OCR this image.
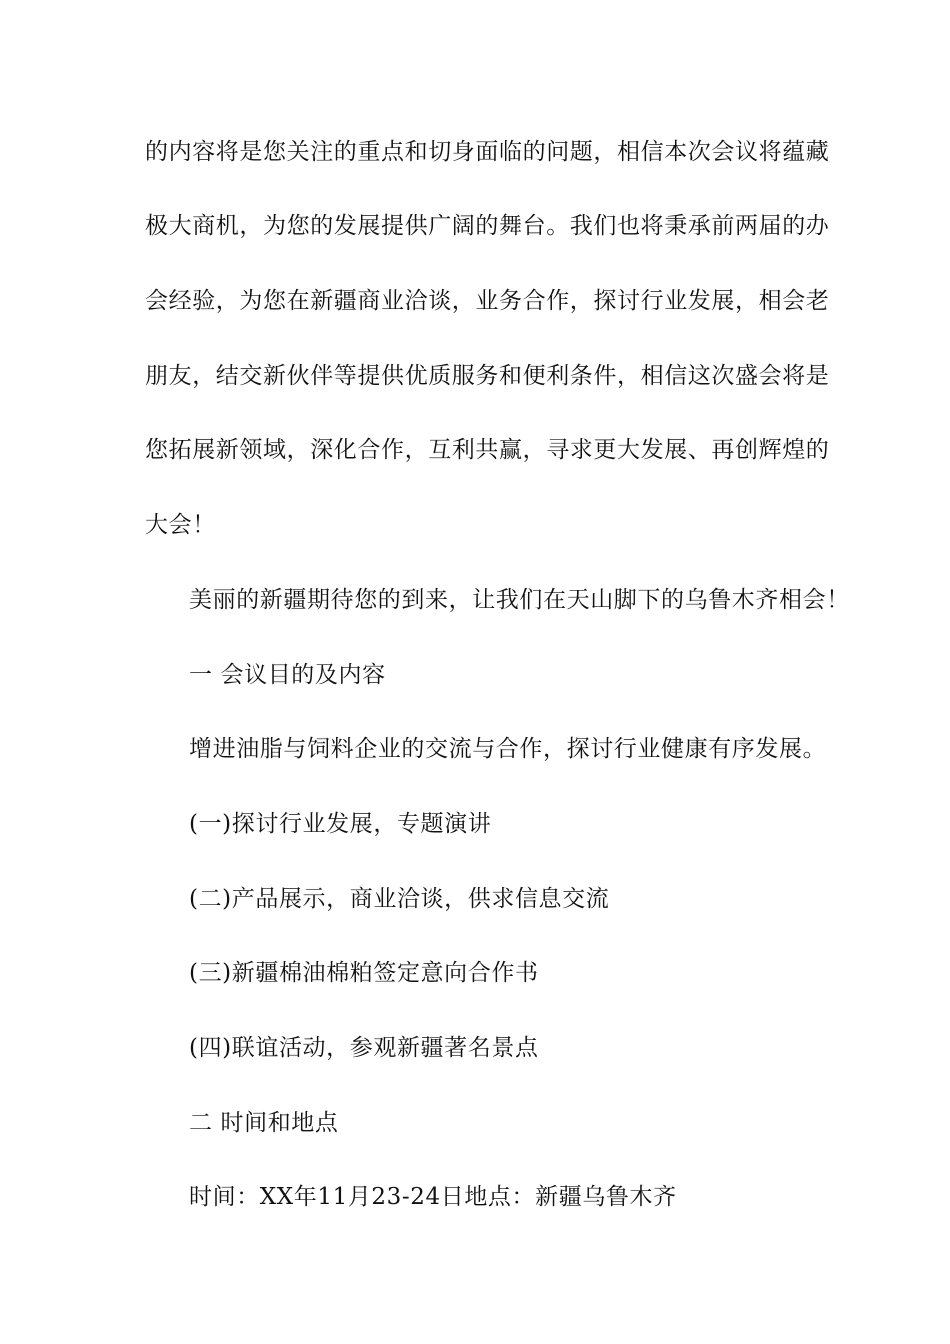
的内容将是您关注的重点和切身面临的问题，相信本次会议将蕴藏
极大商机，为您的发展提供广阔的舞台。我们也将秉承前两届的办
会经验，为您在新疆商业洽谈，业务合作，探讨行业发展，相会老
朋友，结交新伙伴等提供优质服务和便利条件，相信这次盛会将是
您拓展新领域，深化合作，互利共赢，寻求更大发展、再创辉煌的
大会！
美丽的新疆期待您的到来，让我们在天山脚下的乌鲁木齐相会！
一 会议目的及内容
增进油脂与饲料企业的交流与合作，探讨行业健康有序发展。
(一)探讨行业发展，专题演讲
(二)产品展示，商业洽谈，供求信息交流
(三)新疆棉油棉粕签定意向合作书
(四)联谊活动，参观新疆著名景点
二 时间和地点
时间：XX年11月23-24日地点：新疆乌鲁木齐
